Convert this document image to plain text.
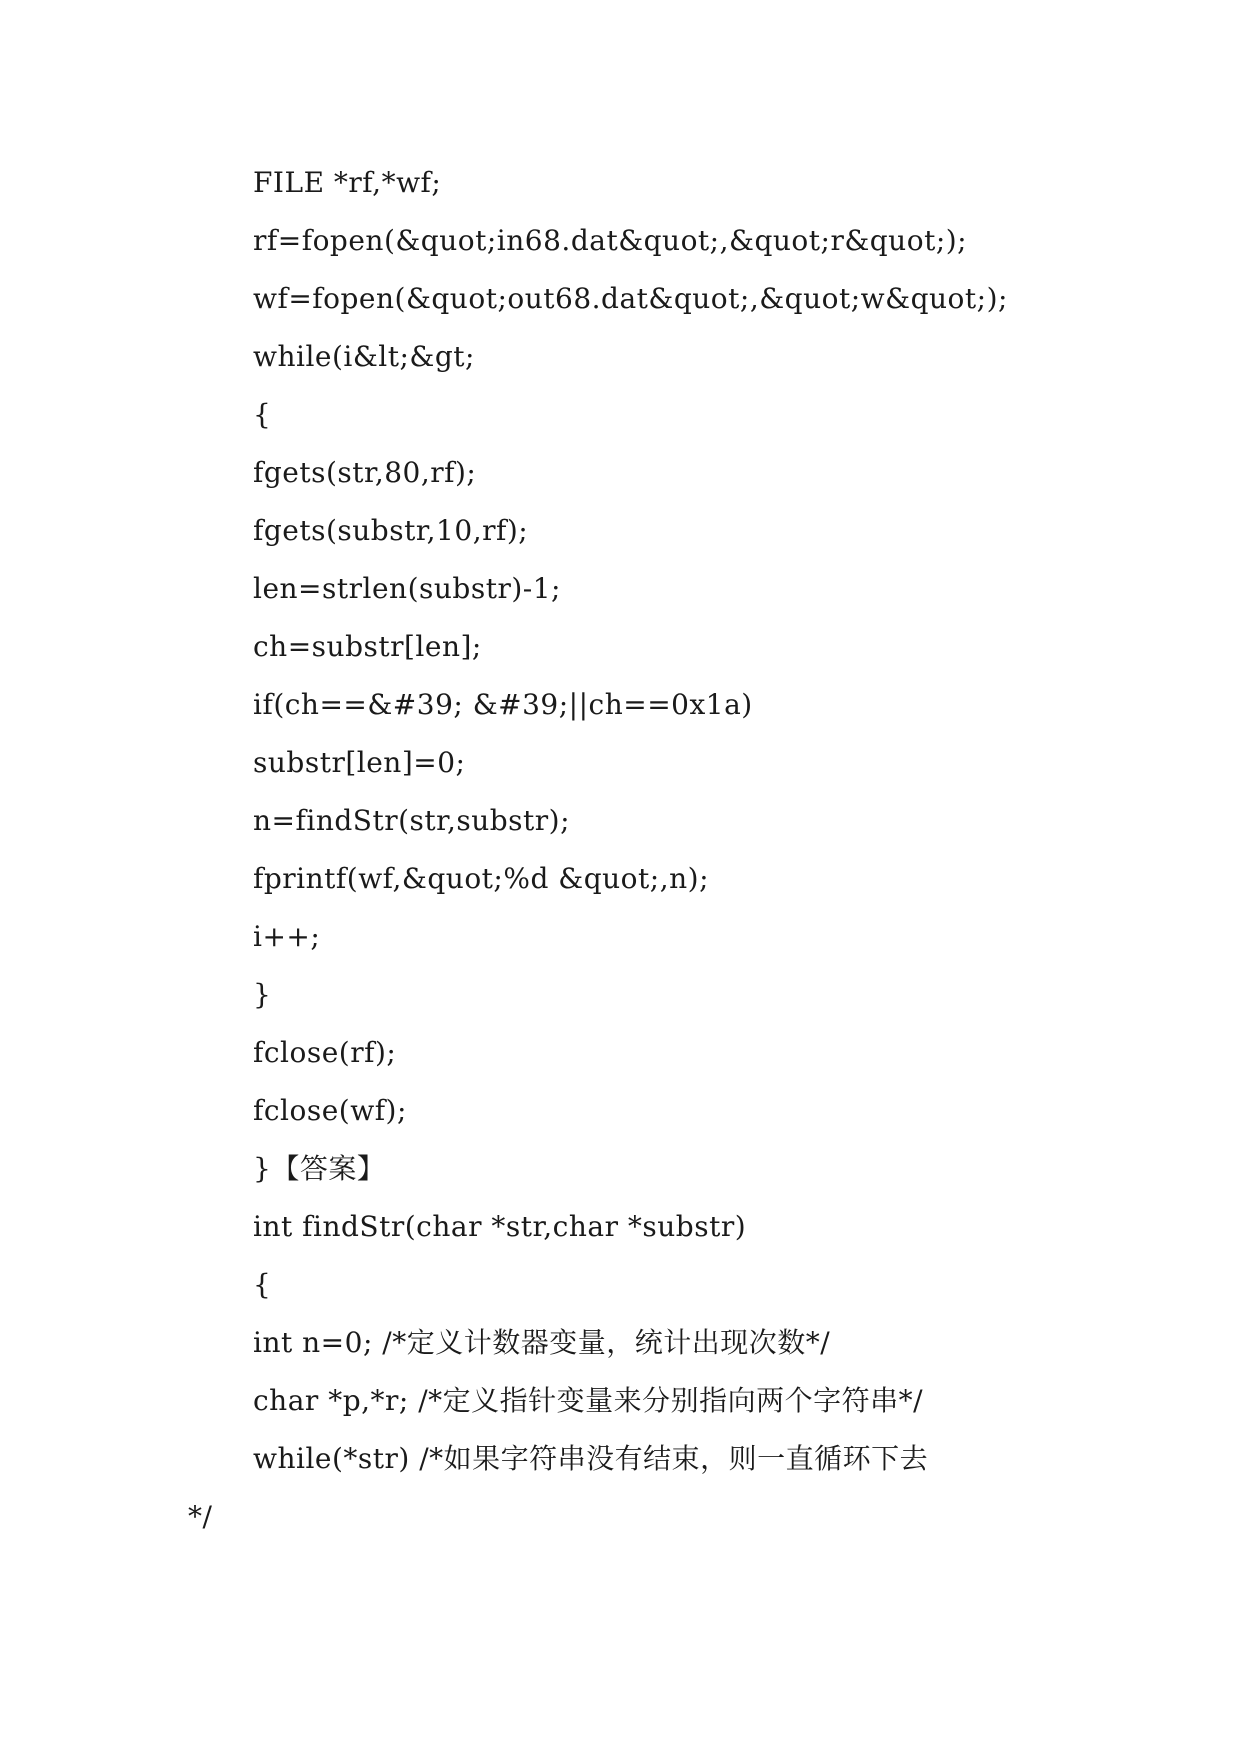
FILE *rf,*wf;
rf=fopen(&quot;in68.dat&quot;,&quot;r&quot;);
wf=fopen(&quot;out68.dat&quot;,&quot;w&quot;);
while(i&lt;&gt;
{
fgets(str,80,rf);
fgets(substr,10,rf);
len=strlen(substr)-1;
ch=substr[len];
if(ch==&#39; &#39;||ch==0x1a)
substr[len]=0;
n=findStr(str,substr);
fprintf(wf,&quot;%d &quot;,n);
i++;
}
fclose(rf);
fclose(wf);
}【答案】
int findStr(char *str,char *substr)
{
int n=0; /*定义计数器变量，统计出现次数*/
char *p,*r; /*定义指针变量来分别指向两个字符串*/
while(*str) /*如果字符串没有结束，则一直循环下去
*/
